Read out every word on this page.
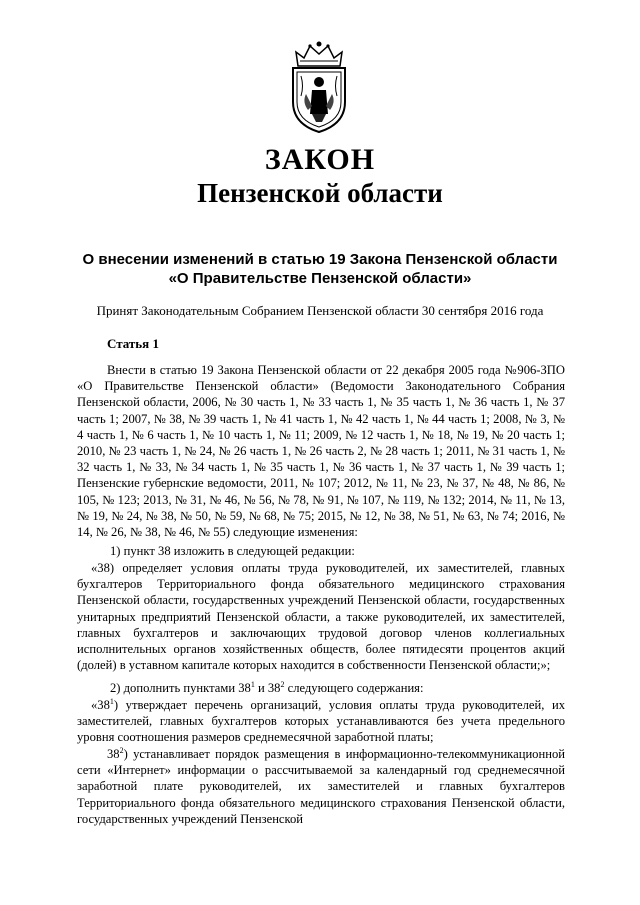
ЗАКОН
Пензенской области
О внесении изменений в статью 19 Закона Пензенской области
«О Правительстве Пензенской области»
Принят Законодательным Собранием Пензенской области 30 сентября 2016 года
Статья 1
Внести в статью 19 Закона Пензенской области от 22 декабря 2005 года №906-ЗПО «О Правительстве Пензенской области» (Ведомости Законодательного Собрания Пензенской области, 2006, № 30 часть 1, № 33 часть 1, № 35 часть 1, № 36 часть 1, № 37 часть 1; 2007, № 38, № 39 часть 1, № 41 часть 1, № 42 часть 1, № 44 часть 1; 2008, № 3, № 4 часть 1, № 6 часть 1, № 10 часть 1, № 11; 2009, № 12 часть 1, № 18, № 19, № 20 часть 1; 2010, № 23 часть 1, № 24, № 26 часть 1, № 26 часть 2, № 28 часть 1; 2011, № 31 часть 1, № 32 часть 1, № 33, № 34 часть 1, № 35 часть 1, № 36 часть 1, № 37 часть 1, № 39 часть 1; Пензенские губернские ведомости, 2011, № 107; 2012, № 11, № 23, № 37, № 48, № 86, № 105, № 123; 2013, № 31, № 46, № 56, № 78, № 91, № 107, № 119, № 132; 2014, № 11, № 13, № 19, № 24, № 38, № 50, № 59, № 68, № 75; 2015, № 12, № 38, № 51, № 63, № 74; 2016, № 14, № 26, № 38, № 46, № 55) следующие изменения:
1) пункт 38 изложить в следующей редакции:
«38) определяет условия оплаты труда руководителей, их заместителей, главных бухгалтеров Территориального фонда обязательного медицинского страхования Пензенской области, государственных учреждений Пензенской области, государственных унитарных предприятий Пензенской области, а также руководителей, их заместителей, главных бухгалтеров и заключающих трудовой договор членов коллегиальных исполнительных органов хозяйственных обществ, более пятидесяти процентов акций (долей) в уставном капитале которых находится в собственности Пензенской области;»;
2) дополнить пунктами $38^1$ и $38^2$ следующего содержания:
«$38^1$) утверждает перечень организаций, условия оплаты труда руководителей, их заместителей, главных бухгалтеров которых устанавливаются без учета предельного уровня соотношения размеров среднемесячной заработной платы;
$38^2$) устанавливает порядок размещения в информационно-телекоммуникационной сети «Интернет» информации о рассчитываемой за календарный год среднемесячной заработной плате руководителей, их заместителей и главных бухгалтеров Территориального фонда обязательного медицинского страхования Пензенской области, государственных учреждений Пензенской
